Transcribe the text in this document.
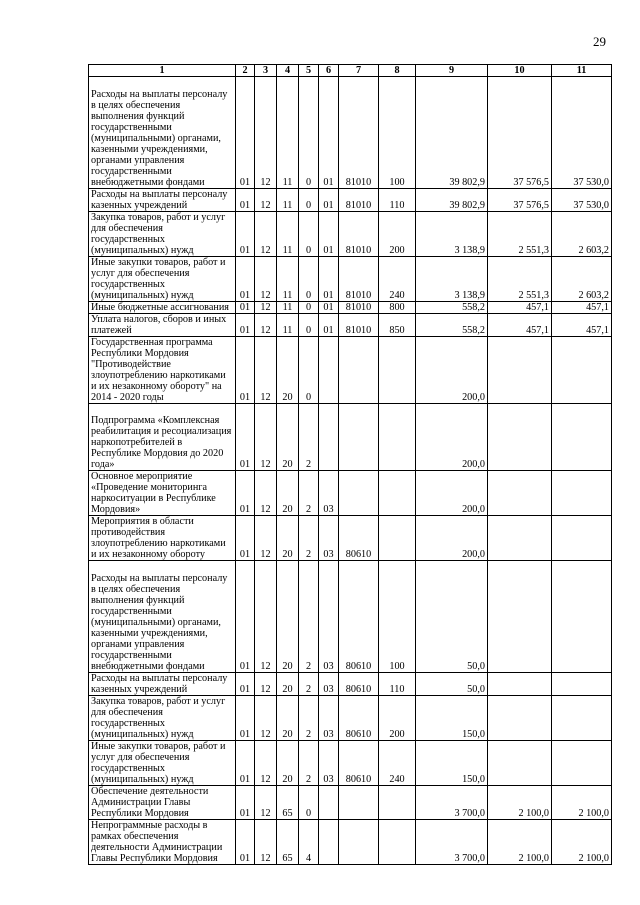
29
1	2	3	4	5	6	7	8	9	10	11
Расходы на выплаты персоналу в целях обеспечения выполнения функций государственными (муниципальными) органами, казенными учреждениями, органами управления государственными внебюджетными фондами	01	12	11	0	01	81010	100	39 802,9	37 576,5	37 530,0
Расходы на выплаты персоналу казенных учреждений	01	12	11	0	01	81010	110	39 802,9	37 576,5	37 530,0
Закупка товаров, работ и услуг для обеспечения государственных (муниципальных) нужд	01	12	11	0	01	81010	200	3 138,9	2 551,3	2 603,2
Иные закупки товаров, работ и услуг для обеспечения государственных (муниципальных) нужд	01	12	11	0	01	81010	240	3 138,9	2 551,3	2 603,2
Иные бюджетные ассигнования	01	12	11	0	01	81010	800	558,2	457,1	457,1
Уплата налогов, сборов и иных платежей	01	12	11	0	01	81010	850	558,2	457,1	457,1
Государственная программа Республики Мордовия "Противодействие злоупотреблению наркотиками и их незаконному обороту" на 2014 - 2020 годы	01	12	20	0				200,0		
Подпрограмма «Комплексная реабилитация и ресоциализация наркопотребителей в Республике Мордовия до 2020 года»	01	12	20	2				200,0		
Основное мероприятие «Проведение мониторинга наркоситуации в Республике Мордовия»	01	12	20	2	03			200,0		
Мероприятия в области противодействия злоупотреблению наркотиками и их незаконному обороту	01	12	20	2	03	80610		200,0		
Расходы на выплаты персоналу в целях обеспечения выполнения функций государственными (муниципальными) органами, казенными учреждениями, органами управления государственными внебюджетными фондами	01	12	20	2	03	80610	100	50,0		
Расходы на выплаты персоналу казенных учреждений	01	12	20	2	03	80610	110	50,0		
Закупка товаров, работ и услуг для обеспечения государственных (муниципальных) нужд	01	12	20	2	03	80610	200	150,0		
Иные закупки товаров, работ и услуг для обеспечения государственных (муниципальных) нужд	01	12	20	2	03	80610	240	150,0		
Обеспечение деятельности Администрации Главы Республики Мордовия	01	12	65	0				3 700,0	2 100,0	2 100,0
Непрограммные расходы в рамках обеспечения деятельности Администрации Главы Республики Мордовия	01	12	65	4				3 700,0	2 100,0	2 100,0
